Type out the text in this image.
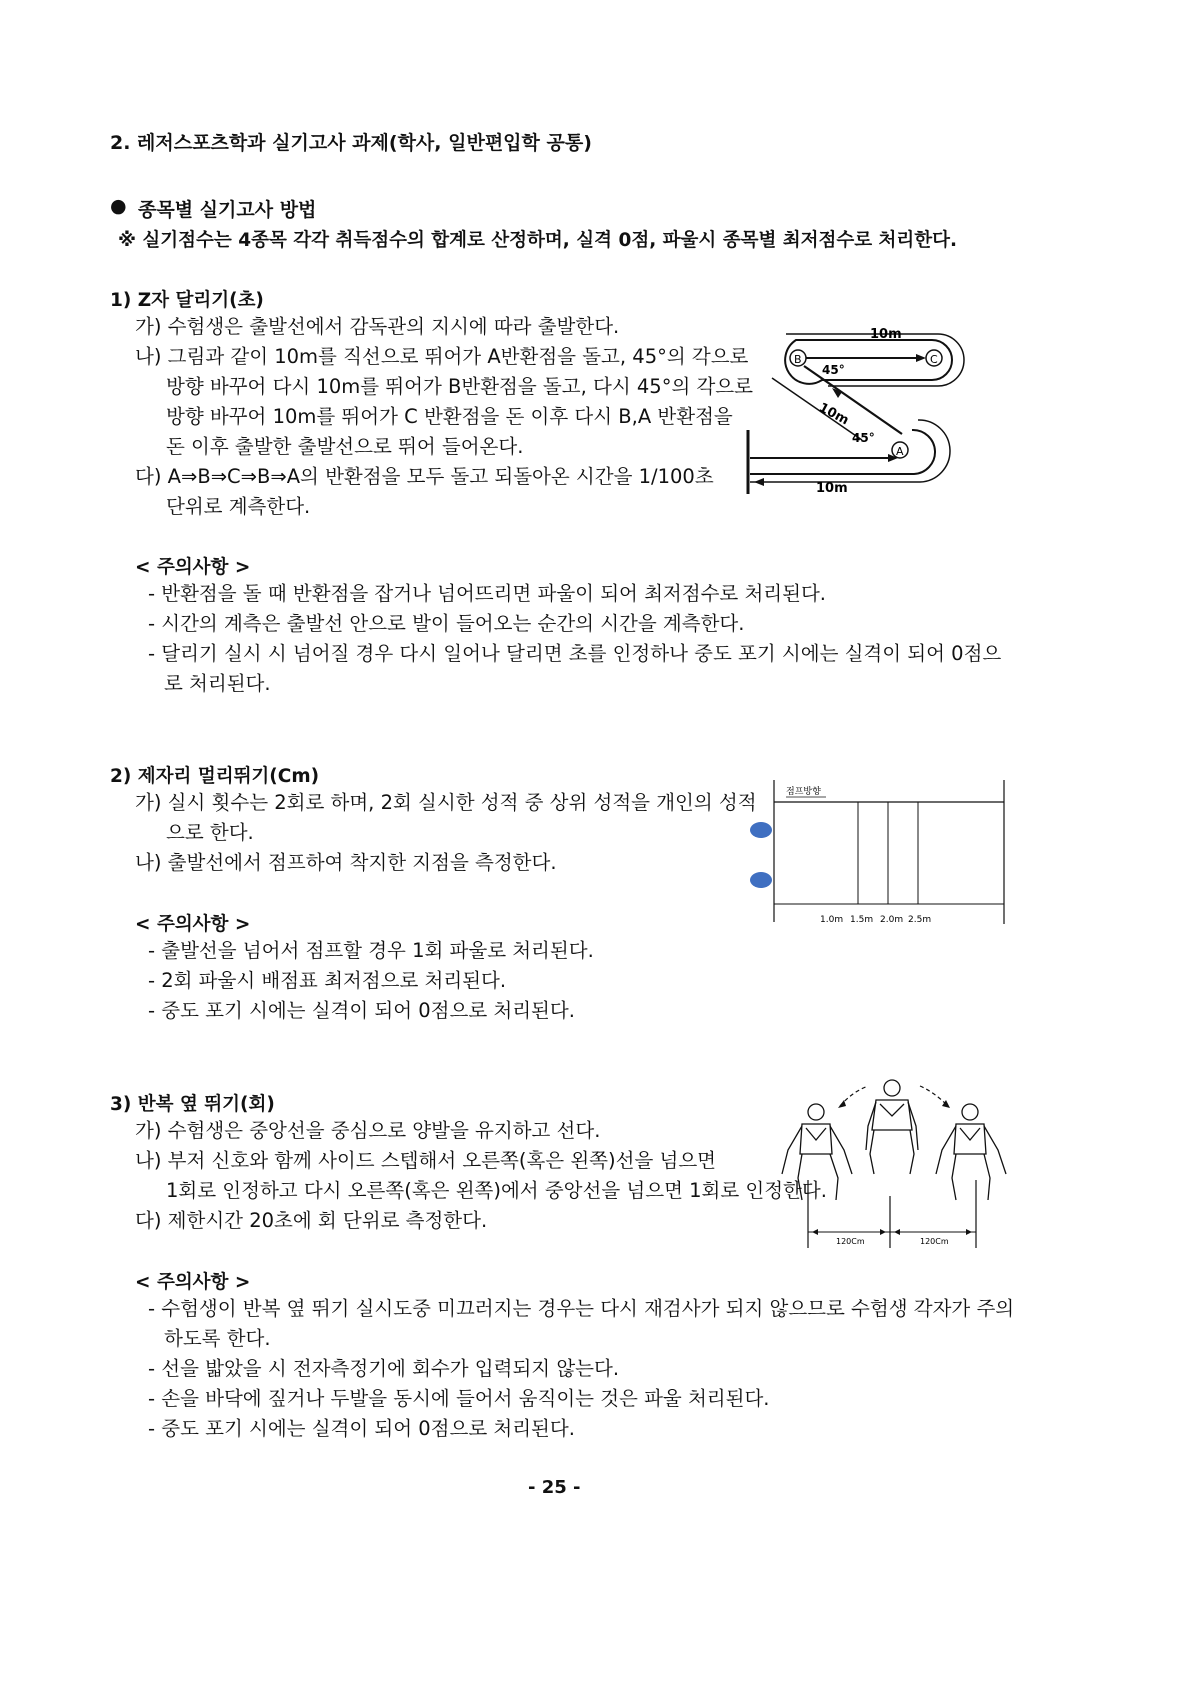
2. 레저스포츠학과 실기고사 과제(학사, 일반편입학 공통)
● 종목별 실기고사 방법
※ 실기점수는 4종목 각각 취득점수의 합계로 산정하며, 실격 0점, 파울시 종목별 최저점수로 처리한다.
1) Z자 달리기(초)
가) 수험생은 출발선에서 감독관의 지시에 따라 출발한다.
나) 그림과 같이 10m를 직선으로 뛰어가 A반환점을 돌고, 45°의 각으로
방향 바꾸어 다시 10m를 뛰어가 B반환점을 돌고, 다시 45°의 각으로
방향 바꾸어 10m를 뛰어가 C 반환점을 돈 이후 다시 B,A 반환점을
돈 이후 출발한 출발선으로 뛰어 들어온다.
다) A⇒B⇒C⇒B⇒A의 반환점을 모두 돌고 되돌아온 시간을 1/100초
단위로 계측한다.
B	C
A
10m
45°
10m
45°
10m
< 주의사항 >
- 반환점을 돌 때 반환점을 잡거나 넘어뜨리면 파울이 되어 최저점수로 처리된다.
- 시간의 계측은 출발선 안으로 발이 들어오는 순간의 시간을 계측한다.
- 달리기 실시 시 넘어질 경우 다시 일어나 달리면 초를 인정하나 중도 포기 시에는 실격이 되어 0점으
로 처리된다.
2) 제자리 멀리뛰기(Cm)
가) 실시 횟수는 2회로 하며, 2회 실시한 성적 중 상위 성적을 개인의 성적
으로 한다.
나) 출발선에서 점프하여 착지한 지점을 측정한다.
점프방향
1.0m 1.5m 2.0m 2.5m
< 주의사항 >
- 출발선을 넘어서 점프할 경우 1회 파울로 처리된다.
- 2회 파울시 배점표 최저점으로 처리된다.
- 중도 포기 시에는 실격이 되어 0점으로 처리된다.
3) 반복 옆 뛰기(회)
가) 수험생은 중앙선을 중심으로 양발을 유지하고 선다.
나) 부저 신호와 함께 사이드 스텝해서 오른쪽(혹은 왼쪽)선을 넘으면
1회로 인정하고 다시 오른쪽(혹은 왼쪽)에서 중앙선을 넘으면 1회로 인정한다.
다) 제한시간 20초에 회 단위로 측정한다.
120Cm	120Cm
< 주의사항 >
- 수험생이 반복 옆 뛰기 실시도중 미끄러지는 경우는 다시 재검사가 되지 않으므로 수험생 각자가 주의
하도록 한다.
- 선을 밟았을 시 전자측정기에 회수가 입력되지 않는다.
- 손을 바닥에 짚거나 두발을 동시에 들어서 움직이는 것은 파울 처리된다.
- 중도 포기 시에는 실격이 되어 0점으로 처리된다.
- 25 -
